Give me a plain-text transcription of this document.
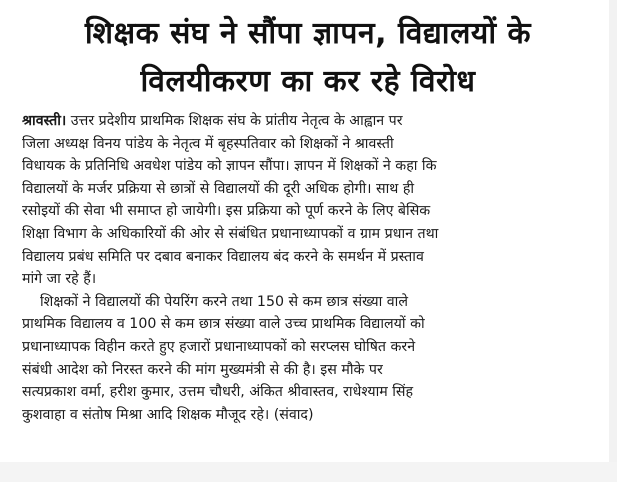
शिक्षक संघ ने सौंपा ज्ञापन, विद्यालयों के
विलयीकरण का कर रहे विरोध
श्रावस्ती। उत्तर प्रदेशीय प्राथमिक शिक्षक संघ के प्रांतीय नेतृत्व के आह्वान पर
जिला अध्यक्ष विनय पांडेय के नेतृत्व में बृहस्पतिवार को शिक्षकों ने श्रावस्ती
विधायक के प्रतिनिधि अवधेश पांडेय को ज्ञापन सौंपा। ज्ञापन में शिक्षकों ने कहा कि
विद्यालयों के मर्जर प्रक्रिया से छात्रों से विद्यालयों की दूरी अधिक होगी। साथ ही
रसोइयों की सेवा भी समाप्त हो जायेगी। इस प्रक्रिया को पूर्ण करने के लिए बेसिक
शिक्षा विभाग के अधिकारियों की ओर से संबंधित प्रधानाध्यापकों व ग्राम प्रधान तथा
विद्यालय प्रबंध समिति पर दबाव बनाकर विद्यालय बंद करने के समर्थन में प्रस्ताव
मांगे जा रहे हैं।
शिक्षकों ने विद्यालयों की पेयरिंग करने तथा 150 से कम छात्र संख्या वाले
प्राथमिक विद्यालय व 100 से कम छात्र संख्या वाले उच्च प्राथमिक विद्यालयों को
प्रधानाध्यापक विहीन करते हुए हजारों प्रधानाध्यापकों को सरप्लस घोषित करने
संबंधी आदेश को निरस्त करने की मांग मुख्यमंत्री से की है। इस मौके पर
सत्यप्रकाश वर्मा, हरीश कुमार, उत्तम चौधरी, अंकित श्रीवास्तव, राधेश्याम सिंह
कुशवाहा व संतोष मिश्रा आदि शिक्षक मौजूद रहे। (संवाद)
